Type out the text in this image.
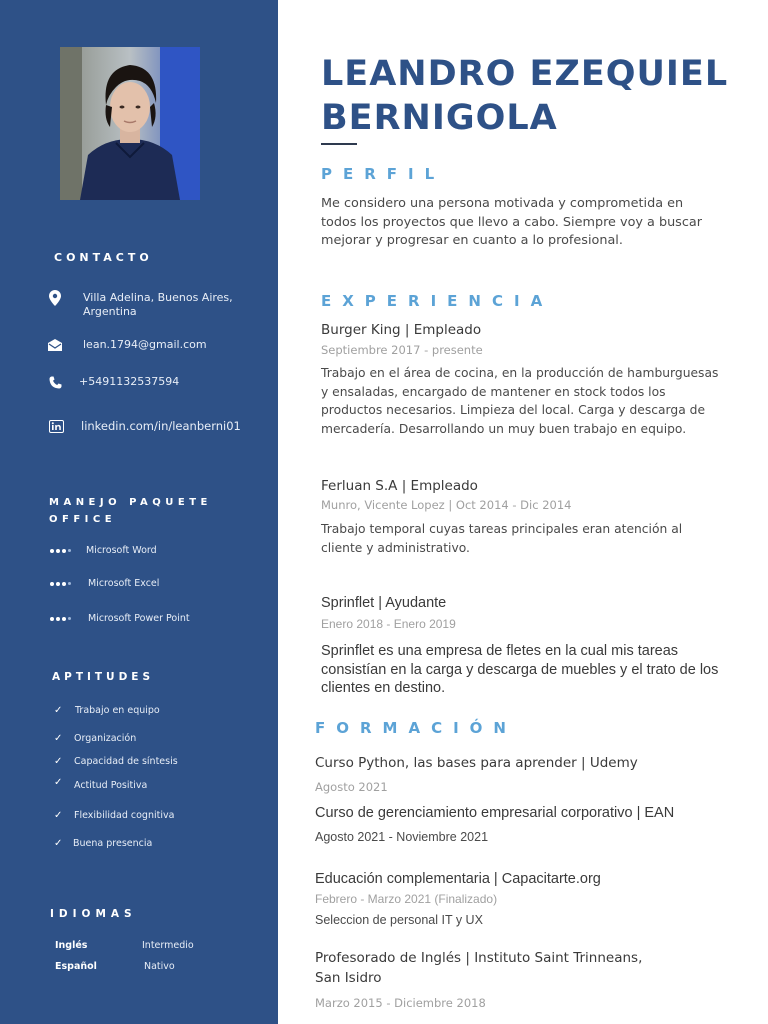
CONTACTO
Villa Adelina, Buenos Aires, Argentina
lean.1794@gmail.com
+5491132537594
linkedin.com/in/leanberni01
MANEJO PAQUETE
OFFICE
Microsoft Word
Microsoft Excel
Microsoft Power Point
APTITUDES
✓	Trabajo en equipo
✓	Organización
✓	Capacidad de síntesis
✓	Actitud Positiva
✓	Flexibilidad cognitiva
✓	Buena presencia
IDIOMAS
Inglés	Intermedio
Español	Nativo
LEANDRO EZEQUIEL
BERNIGOLA
PERFIL
Me considero una persona motivada y comprometida en todos los proyectos que llevo a cabo. Siempre voy a buscar mejorar y progresar en cuanto a lo profesional.
EXPERIENCIA
Burger King | Empleado
Septiembre 2017 - presente
Trabajo en el área de cocina, en la producción de hamburguesas y ensaladas, encargado de mantener en stock todos los productos necesarios. Limpieza del local. Carga y descarga de mercadería. Desarrollando un muy buen trabajo en equipo.
Ferluan S.A | Empleado
Munro, Vicente Lopez | Oct 2014 - Dic 2014
Trabajo temporal cuyas tareas principales eran atención al cliente y administrativo.
Sprinflet | Ayudante
Enero 2018 - Enero 2019
Sprinflet es una empresa de fletes en la cual mis tareas consistían en la carga y descarga de muebles y el trato de los clientes en destino.
FORMACIÓN
Curso Python, las bases para aprender | Udemy
Agosto 2021
Curso de gerenciamiento empresarial corporativo | EAN
Agosto 2021 - Noviembre 2021
Educación complementaria | Capacitarte.org
Febrero - Marzo 2021 (Finalizado)
Seleccion de personal IT y UX
Profesorado de Inglés | Instituto Saint Trinneans,
San Isidro
Marzo 2015 - Diciembre 2018
